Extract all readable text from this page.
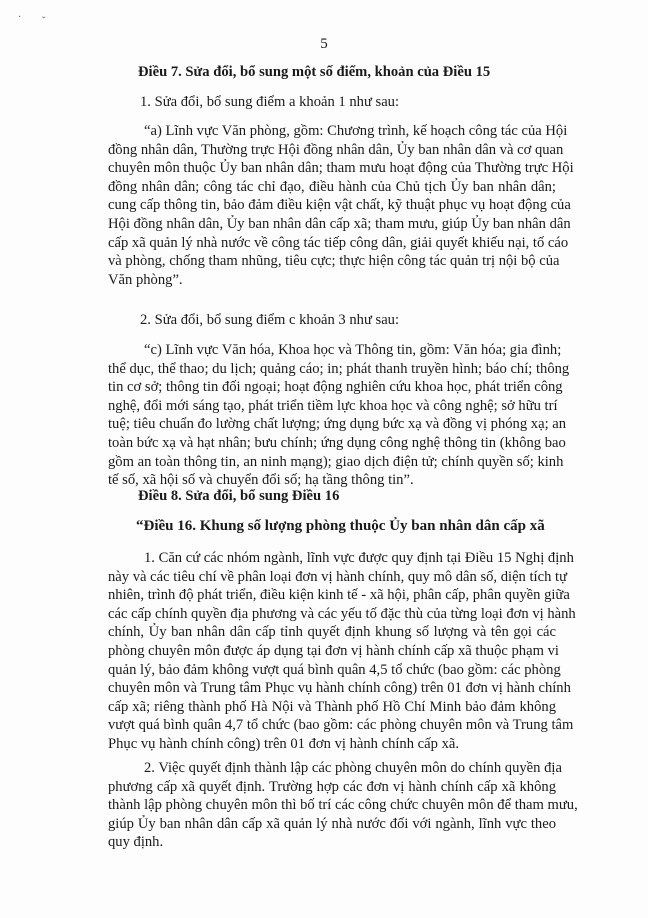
· ˇ
5
Điều 7. Sửa đổi, bổ sung một số điểm, khoản của Điều 15
1. Sửa đổi, bổ sung điểm a khoản 1 như sau:
“a) Lĩnh vực Văn phòng, gồm: Chương trình, kế hoạch công tác của Hội
đồng nhân dân, Thường trực Hội đồng nhân dân, Ủy ban nhân dân và cơ quan
chuyên môn thuộc Ủy ban nhân dân; tham mưu hoạt động của Thường trực Hội
đồng nhân dân; công tác chỉ đạo, điều hành của Chủ tịch Ủy ban nhân dân;
cung cấp thông tin, bảo đảm điều kiện vật chất, kỹ thuật phục vụ hoạt động của
Hội đồng nhân dân, Ủy ban nhân dân cấp xã; tham mưu, giúp Ủy ban nhân dân
cấp xã quản lý nhà nước về công tác tiếp công dân, giải quyết khiếu nại, tố cáo
và phòng, chống tham nhũng, tiêu cực; thực hiện công tác quản trị nội bộ của
Văn phòng”.
2. Sửa đổi, bổ sung điểm c khoản 3 như sau:
“c) Lĩnh vực Văn hóa, Khoa học và Thông tin, gồm: Văn hóa; gia đình;
thể dục, thể thao; du lịch; quảng cáo; in; phát thanh truyền hình; báo chí; thông
tin cơ sở; thông tin đối ngoại; hoạt động nghiên cứu khoa học, phát triển công
nghệ, đổi mới sáng tạo, phát triển tiềm lực khoa học và công nghệ; sở hữu trí
tuệ; tiêu chuẩn đo lường chất lượng; ứng dụng bức xạ và đồng vị phóng xạ; an
toàn bức xạ và hạt nhân; bưu chính; ứng dụng công nghệ thông tin (không bao
gồm an toàn thông tin, an ninh mạng); giao dịch điện tử; chính quyền số; kinh
tế số, xã hội số và chuyển đổi số; hạ tầng thông tin”.
Điều 8. Sửa đổi, bổ sung Điều 16
“Điều 16. Khung số lượng phòng thuộc Ủy ban nhân dân cấp xã
1. Căn cứ các nhóm ngành, lĩnh vực được quy định tại Điều 15 Nghị định
này và các tiêu chí về phân loại đơn vị hành chính, quy mô dân số, diện tích tự
nhiên, trình độ phát triển, điều kiện kinh tế - xã hội, phân cấp, phân quyền giữa
các cấp chính quyền địa phương và các yếu tố đặc thù của từng loại đơn vị hành
chính, Ủy ban nhân dân cấp tỉnh quyết định khung số lượng và tên gọi các
phòng chuyên môn được áp dụng tại đơn vị hành chính cấp xã thuộc phạm vi
quản lý, bảo đảm không vượt quá bình quân 4,5 tổ chức (bao gồm: các phòng
chuyên môn và Trung tâm Phục vụ hành chính công) trên 01 đơn vị hành chính
cấp xã; riêng thành phố Hà Nội và Thành phố Hồ Chí Minh bảo đảm không
vượt quá bình quân 4,7 tổ chức (bao gồm: các phòng chuyên môn và Trung tâm
Phục vụ hành chính công) trên 01 đơn vị hành chính cấp xã.
2. Việc quyết định thành lập các phòng chuyên môn do chính quyền địa
phương cấp xã quyết định. Trường hợp các đơn vị hành chính cấp xã không
thành lập phòng chuyên môn thì bố trí các công chức chuyên môn để tham mưu,
giúp Ủy ban nhân dân cấp xã quản lý nhà nước đối với ngành, lĩnh vực theo
quy định.
